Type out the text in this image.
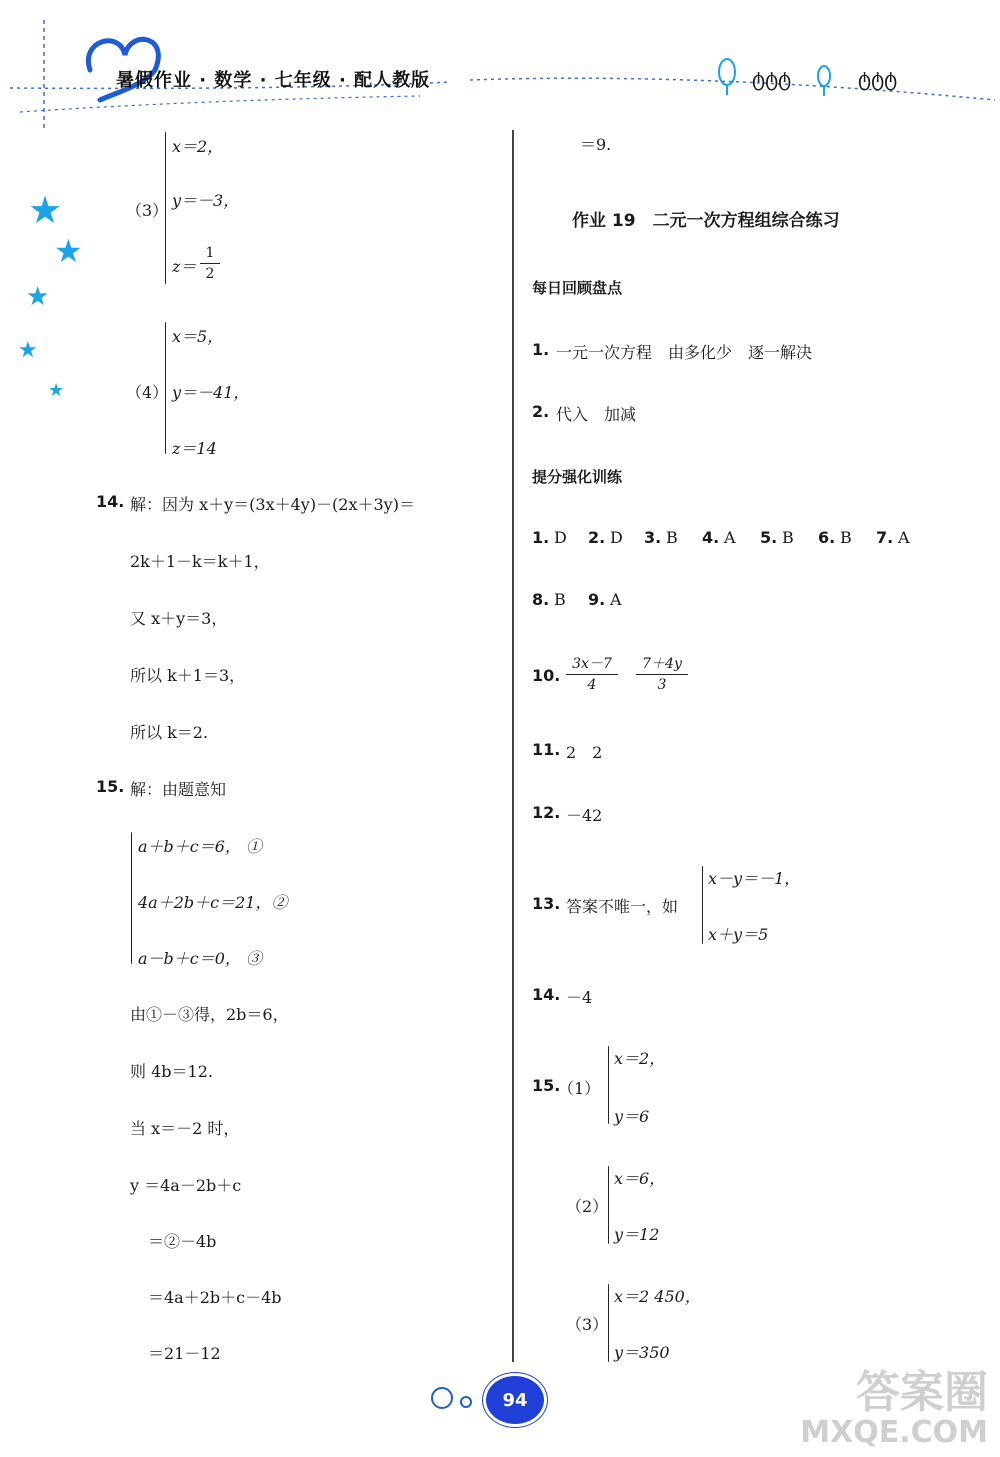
ტტტ	ტტტ
暑假作业 · 数学 · 七年级 · 配人教版
★
★
★
★
★
（3）
x＝2，
y＝－3，
$z= \frac{1}{2}$
（4）
x＝5，
y＝－41，
z＝14
14. 解：因为 x＋y＝(3x＋4y)－(2x＋3y)＝
2k＋1－k＝k＋1，
又 x＋y＝3，
所以 k＋1＝3，
所以 k＝2.
15. 解：由题意知
a＋b＋c＝6， ①
4a＋2b＋c＝21，②
a－b＋c＝0， ③
由①－③得，2b＝6，
则 4b＝12.
当 x＝－2 时，
y ＝4a－2b＋c
＝②－4b
＝4a＋2b＋c－4b
＝21－12
＝9.
作业 19　二元一次方程组综合练习
每日回顾盘点
1. 一元一次方程　由多化少　逐一解决
2. 代入　加减
提分强化训练
1. D 2. D 3. B 4. A 5. B 6. B 7. A
8. B 9. A
10. $\frac{3x-7}{4} \frac{7+4y}{3}$
11. 2　2
12. －42
13. 答案不唯一，如
x－y＝－1，
x＋y＝5
14. －4
15.
（1）
x＝2，
y＝6
（2）
x＝6，
y＝12
（3）
x＝2 450，
y＝350
94	答案圈
MXQE.COM
